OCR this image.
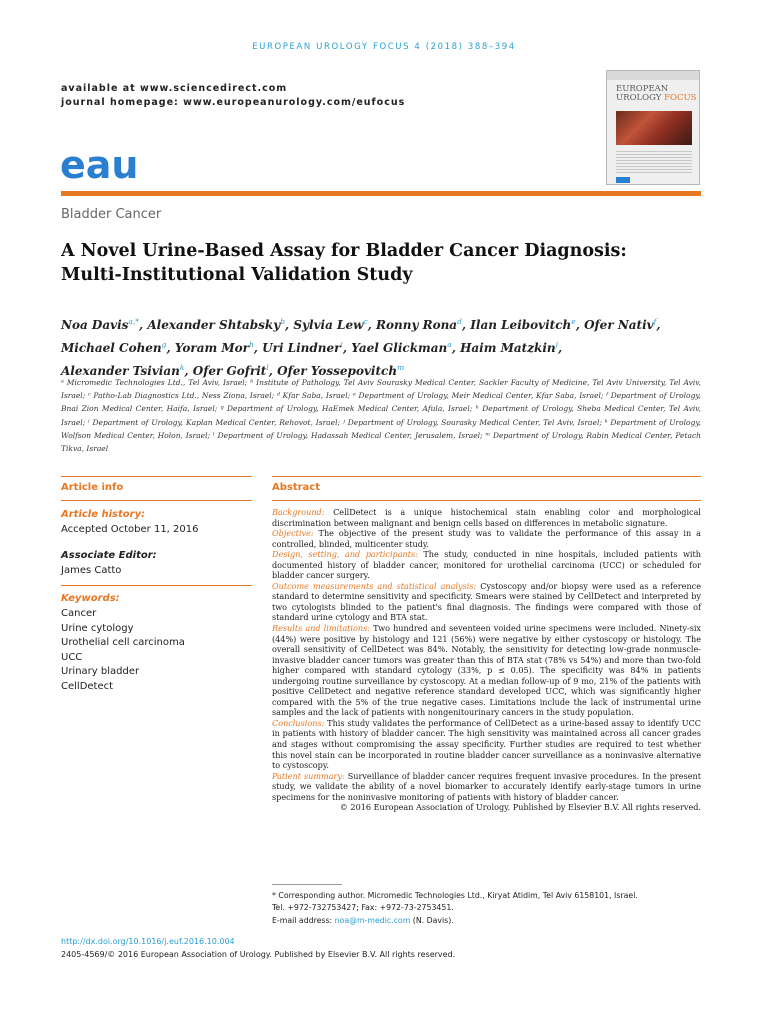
EUROPEAN UROLOGY FOCUS 4 (2018) 388–394
available at www.sciencedirect.com
journal homepage: www.europeanurology.com/eufocus
eau
EUROPEAN
UROLOGY FOCUS
Bladder Cancer
A Novel Urine-Based Assay for Bladder Cancer Diagnosis:
Multi-Institutional Validation Study
Noa Davis$^{a,*}$, Alexander Shtabsky$^b$, Sylvia Lew$^c$, Ronny Rona$^d$, Ilan Leibovitch$^e$, Ofer Nativ$^f$,
Michael Cohen$^g$, Yoram Mor$^h$, Uri Lindner$^i$, Yael Glickman$^a$, Haim Matzkin$^j$,
Alexander Tsivian$^k$, Ofer Gofrit$^l$, Ofer Yossepovitch$^m$
ᵃ Micromedic Technologies Ltd., Tel Aviv, Israel; ᵇ Institute of Pathology, Tel Aviv Sourasky Medical Center, Sackler Faculty of Medicine, Tel Aviv University, Tel Aviv, Israel; ᶜ Patho-Lab Diagnostics Ltd., Ness Ziona, Israel; ᵈ Kfar Saba, Israel; ᵉ Department of Urology, Meir Medical Center, Kfar Saba, Israel; ᶠ Department of Urology, Bnai Zion Medical Center, Haifa, Israel; ᵍ Department of Urology, HaEmek Medical Center, Afula, Israel; ʰ Department of Urology, Sheba Medical Center, Tel Aviv, Israel; ⁱ Department of Urology, Kaplan Medical Center, Rehovot, Israel; ʲ Department of Urology, Sourasky Medical Center, Tel Aviv, Israel; ᵏ Department of Urology, Wolfson Medical Center, Holon, Israel; ˡ Department of Urology, Hadassah Medical Center, Jerusalem, Israel; ᵐ Department of Urology, Rabin Medical Center, Petach Tikva, Israel
Article info	Abstract
Article history:
Accepted October 11, 2016
Associate Editor:
James Catto
Keywords:
Cancer
Urine cytology
Urothelial cell carcinoma
UCC
Urinary bladder
CellDetect
Background: CellDetect is a unique histochemical stain enabling color and morphological discrimination between malignant and benign cells based on differences in metabolic signature.
Objective: The objective of the present study was to validate the performance of this assay in a controlled, blinded, multicenter study.
Design, setting, and participants: The study, conducted in nine hospitals, included patients with documented history of bladder cancer, monitored for urothelial carcinoma (UCC) or scheduled for bladder cancer surgery.
Outcome measurements and statistical analysis: Cystoscopy and/or biopsy were used as a reference standard to determine sensitivity and specificity. Smears were stained by CellDetect and interpreted by two cytologists blinded to the patient's final diagnosis. The findings were compared with those of standard urine cytology and BTA stat.
Results and limitations: Two hundred and seventeen voided urine specimens were included. Ninety-six (44%) were positive by histology and 121 (56%) were negative by either cystoscopy or histology. The overall sensitivity of CellDetect was 84%. Notably, the sensitivity for detecting low-grade nonmuscle-invasive bladder cancer tumors was greater than this of BTA stat (78% vs 54%) and more than two-fold higher compared with standard cytology (33%, p ≤ 0.05). The specificity was 84% in patients undergoing routine surveillance by cystoscopy. At a median follow-up of 9 mo, 21% of the patients with positive CellDetect and negative reference standard developed UCC, which was significantly higher compared with the 5% of the true negative cases. Limitations include the lack of instrumental urine samples and the lack of patients with nongenitourinary cancers in the study population.
Conclusions: This study validates the performance of CellDetect as a urine-based assay to identify UCC in patients with history of bladder cancer. The high sensitivity was maintained across all cancer grades and stages without compromising the assay specificity. Further studies are required to test whether this novel stain can be incorporated in routine bladder cancer surveillance as a noninvasive alternative to cystoscopy.
Patient summary: Surveillance of bladder cancer requires frequent invasive procedures. In the present study, we validate the ability of a novel biomarker to accurately identify early-stage tumors in urine specimens for the noninvasive monitoring of patients with history of bladder cancer.
© 2016 European Association of Urology. Published by Elsevier B.V. All rights reserved.
* Corresponding author. Micromedic Technologies Ltd., Kiryat Atidim, Tel Aviv 6158101, Israel.
Tel. +972-732753427; Fax: +972-73-2753451.
E-mail address: noa@m-medic.com (N. Davis).
http://dx.doi.org/10.1016/j.euf.2016.10.004
2405-4569/© 2016 European Association of Urology. Published by Elsevier B.V. All rights reserved.
